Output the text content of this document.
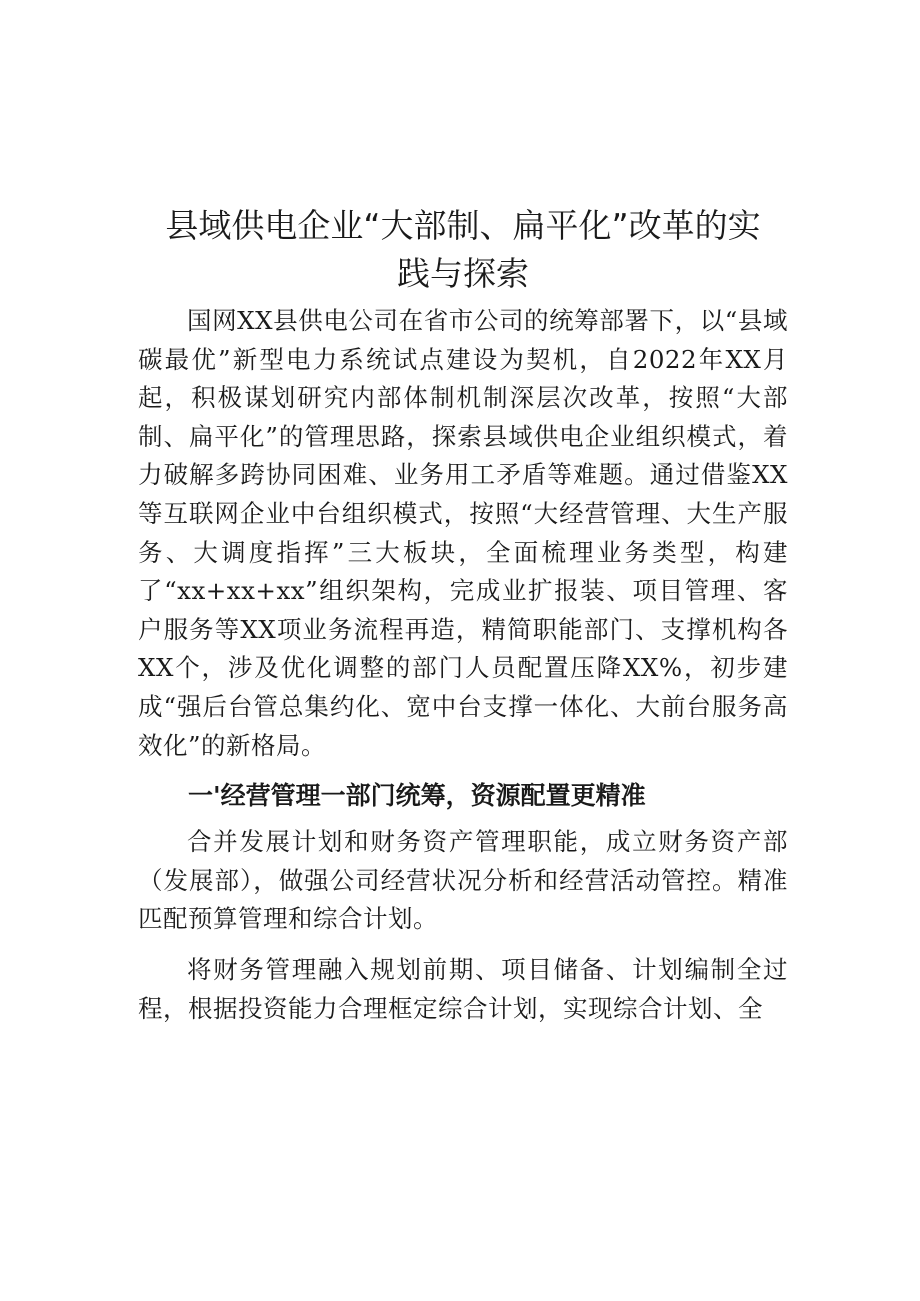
县域供电企业“大部制、扁平化”改革的实
践与探索

国网XX县供电公司在省市公司的统筹部署下，以“县域碳最优”新型电力系统试点建设为契机，自2022年XX月起，积极谋划研究内部体制机制深层次改革，按照“大部制、扁平化”的管理思路，探索县域供电企业组织模式，着力破解多跨协同困难、业务用工矛盾等难题。通过借鉴XX等互联网企业中台组织模式，按照“大经营管理、大生产服务、大调度指挥”三大板块，全面梳理业务类型，构建了“xx+xx+xx”组织架构，完成业扩报装、项目管理、客户服务等XX项业务流程再造，精简职能部门、支撑机构各XX个，涉及优化调整的部门人员配置压降XX%，初步建成“强后台管总集约化、宽中台支撑一体化、大前台服务高效化”的新格局。

一'经营管理一部门统筹，资源配置更精准

合并发展计划和财务资产管理职能，成立财务资产部（发展部），做强公司经营状况分析和经营活动管控。精准匹配预算管理和综合计划。

将财务管理融入规划前期、项目储备、计划编制全过程，根据投资能力合理框定综合计划，实现综合计划、全
